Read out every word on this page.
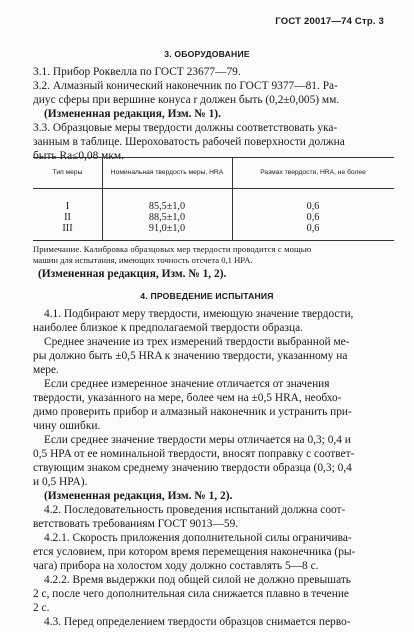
ГОСТ 20017—74 Стр. 3
3. ОБОРУДОВАНИЕ

3.1. Прибор Роквелла по ГОСТ 23677—79.

3.2. Алмазный конический наконечник по ГОСТ 9377—81. Ра-

диус сферы при вершине конуса r должен быть (0,2±0,005) мм.

(Измененная редакция, Изм. № 1).

3.3. Образцовые меры твердости должны соответствовать ука-

занным в таблице. Шероховатость рабочей поверхности должна

быть Ra≤0,08 мкм.

Тип меры	Номинальная твердость меры, HRA	Размах твердости, HRA, не более
I	85,5±1,0	0,6
II	88,5±1,0	0,6
III	91,0±1,0	0,6

Примечание. Калибровка образцовых мер твердости проводится с мощью

машин для испытания, имеющих точность отсчета 0,1 HPA.

(Измененная редакция, Изм. № 1, 2).

4. ПРОВЕДЕНИЕ ИСПЫТАНИЯ

4.1. Подбирают меру твердости, имеющую значение твердости,

наиболее близкое к предполагаемой твердости образца.

Среднее значение из трех измерений твердости выбранной ме-

ры должно быть ±0,5 HRA к значению твердости, указанному на

мере.

Если среднее измеренное значение отличается от значения

твердости, указанного на мере, более чем на ±0,5 HRA, необхо-

димо проверить прибор и алмазный наконечник и устранить при-

чину ошибки.

Если среднее значение твердости меры отличается на 0,3; 0,4 и

0,5 HPA от ее номинальной твердости, вносят поправку с соответ-

ствующим знаком среднему значению твердости образца (0,3; 0,4

и 0,5 HPA).

(Измененная редакция, Изм. № 1, 2).

4.2. Последовательность проведения испытаний должна соот-

ветствовать требованиям ГОСТ 9013—59.

4.2.1. Скорость приложения дополнительной силы ограничива-

ется условием, при котором время перемещения наконечника (ры-

чага) прибора на холостом ходу должно составлять 5—8 с.

4.2.2. Время выдержки под общей силой не должно превышать

2 с, после чего дополнительная сила снижается плавно в течение

2 с.

4.3. Перед определением твердости образцов снимается перво-
